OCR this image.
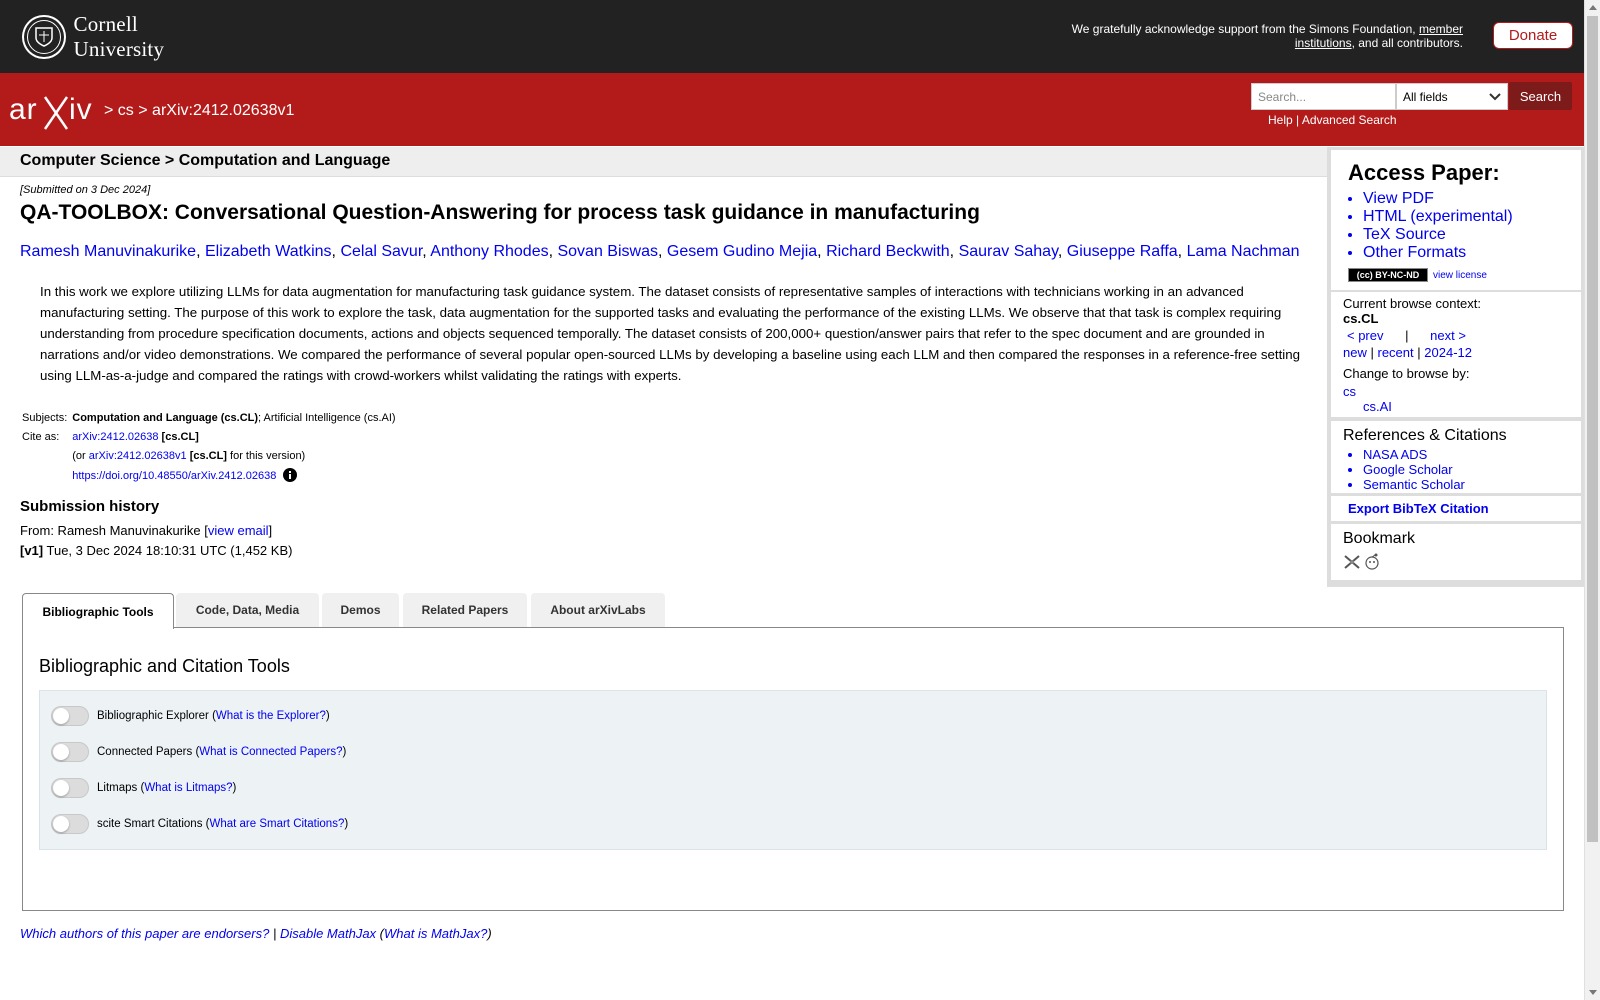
Cornell University
We gratefully acknowledge support from the Simons Foundation, member institutions, and all contributors.	Donate
ar iv > cs > arXiv:2412.02638v1
Search...
All fields	Search
Help | Advanced Search
Computer Science > Computation and Language
[Submitted on 3 Dec 2024]
QA-TOOLBOX: Conversational Question-Answering for process task guidance in manufacturing
Ramesh Manuvinakurike, Elizabeth Watkins, Celal Savur, Anthony Rhodes, Sovan Biswas, Gesem Gudino Mejia, Richard Beckwith, Saurav Sahay, Giuseppe Raffa, Lama Nachman

In this work we explore utilizing LLMs for data augmentation for manufacturing task guidance system. The dataset consists of representative samples of interactions with technicians working in an advanced manufacturing setting. The purpose of this work to explore the task, data augmentation for the supported tasks and evaluating the performance of the existing LLMs. We observe that that task is complex requiring understanding from procedure specification documents, actions and objects sequenced temporally. The dataset consists of 200,000+ question/answer pairs that refer to the spec document and are grounded in narrations and/or video demonstrations. We compared the performance of several popular open-sourced LLMs by developing a baseline using each LLM and then compared the responses in a reference-free setting using LLM-as-a-judge and compared the ratings with crowd-workers whilst validating the ratings with experts.

Subjects:	Computation and Language (cs.CL); Artificial Intelligence (cs.AI)
Cite as:	arXiv:2412.02638 [cs.CL]
	(or arXiv:2412.02638v1 [cs.CL] for this version)
	https://doi.org/10.48550/arXiv.2412.02638
Submission history
From: Ramesh Manuvinakurike [view email]
[v1] Tue, 3 Dec 2024 18:10:31 UTC (1,452 KB)
Access Paper:
• View PDF
• HTML (experimental)
• TeX Source
• Other Formats
(cc) BY-NC-ND	view license
Current browse context:
cs.CL
< prev | next >
new | recent | 2024-12
Change to browse by:
cs
cs.AI
References & Citations
• NASA ADS
• Google Scholar
• Semantic Scholar
Export BibTeX Citation
Bookmark
Bibliographic Tools	Code, Data, Media	Demos	Related Papers	About arXivLabs
Bibliographic and Citation Tools
Bibliographic Explorer ( What is the Explorer? )
Connected Papers ( What is Connected Papers? )
Litmaps ( What is Litmaps? )
scite Smart Citations ( What are Smart Citations? )
Which authors of this paper are endorsers? | Disable MathJax (What is MathJax?)
